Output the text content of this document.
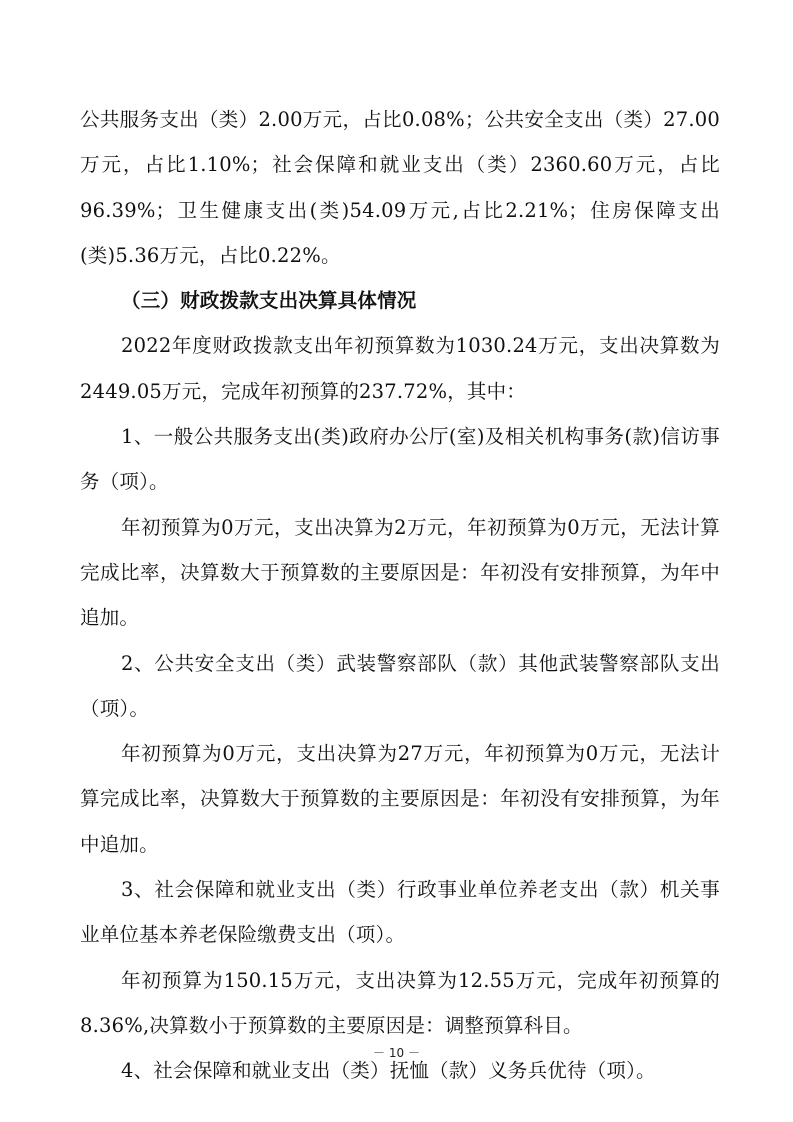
公共服务支出（类）2.00万元，占比0.08%；公共安全支出（类）27.00万元，占比1.10%；社会保障和就业支出（类）2360.60万元，占比96.39%；卫生健康支出(类)54.09万元,占比2.21%；住房保障支出(类)5.36万元，占比0.22%。

（三）财政拨款支出决算具体情况

2022年度财政拨款支出年初预算数为1030.24万元，支出决算数为2449.05万元，完成年初预算的237.72%，其中：

1、一般公共服务支出(类)政府办公厅(室)及相关机构事务(款)信访事务（项）。

年初预算为0万元，支出决算为2万元，年初预算为0万元，无法计算完成比率，决算数大于预算数的主要原因是：年初没有安排预算，为年中追加。

2、公共安全支出（类）武装警察部队（款）其他武装警察部队支出（项）。

年初预算为0万元，支出决算为27万元，年初预算为0万元，无法计算完成比率，决算数大于预算数的主要原因是：年初没有安排预算，为年中追加。

3、社会保障和就业支出（类）行政事业单位养老支出（款）机关事业单位基本养老保险缴费支出（项）。

年初预算为150.15万元，支出决算为12.55万元，完成年初预算的8.36%,决算数小于预算数的主要原因是：调整预算科目。

4、社会保障和就业支出（类）抚恤（款）义务兵优待（项）。

－ 10 －
